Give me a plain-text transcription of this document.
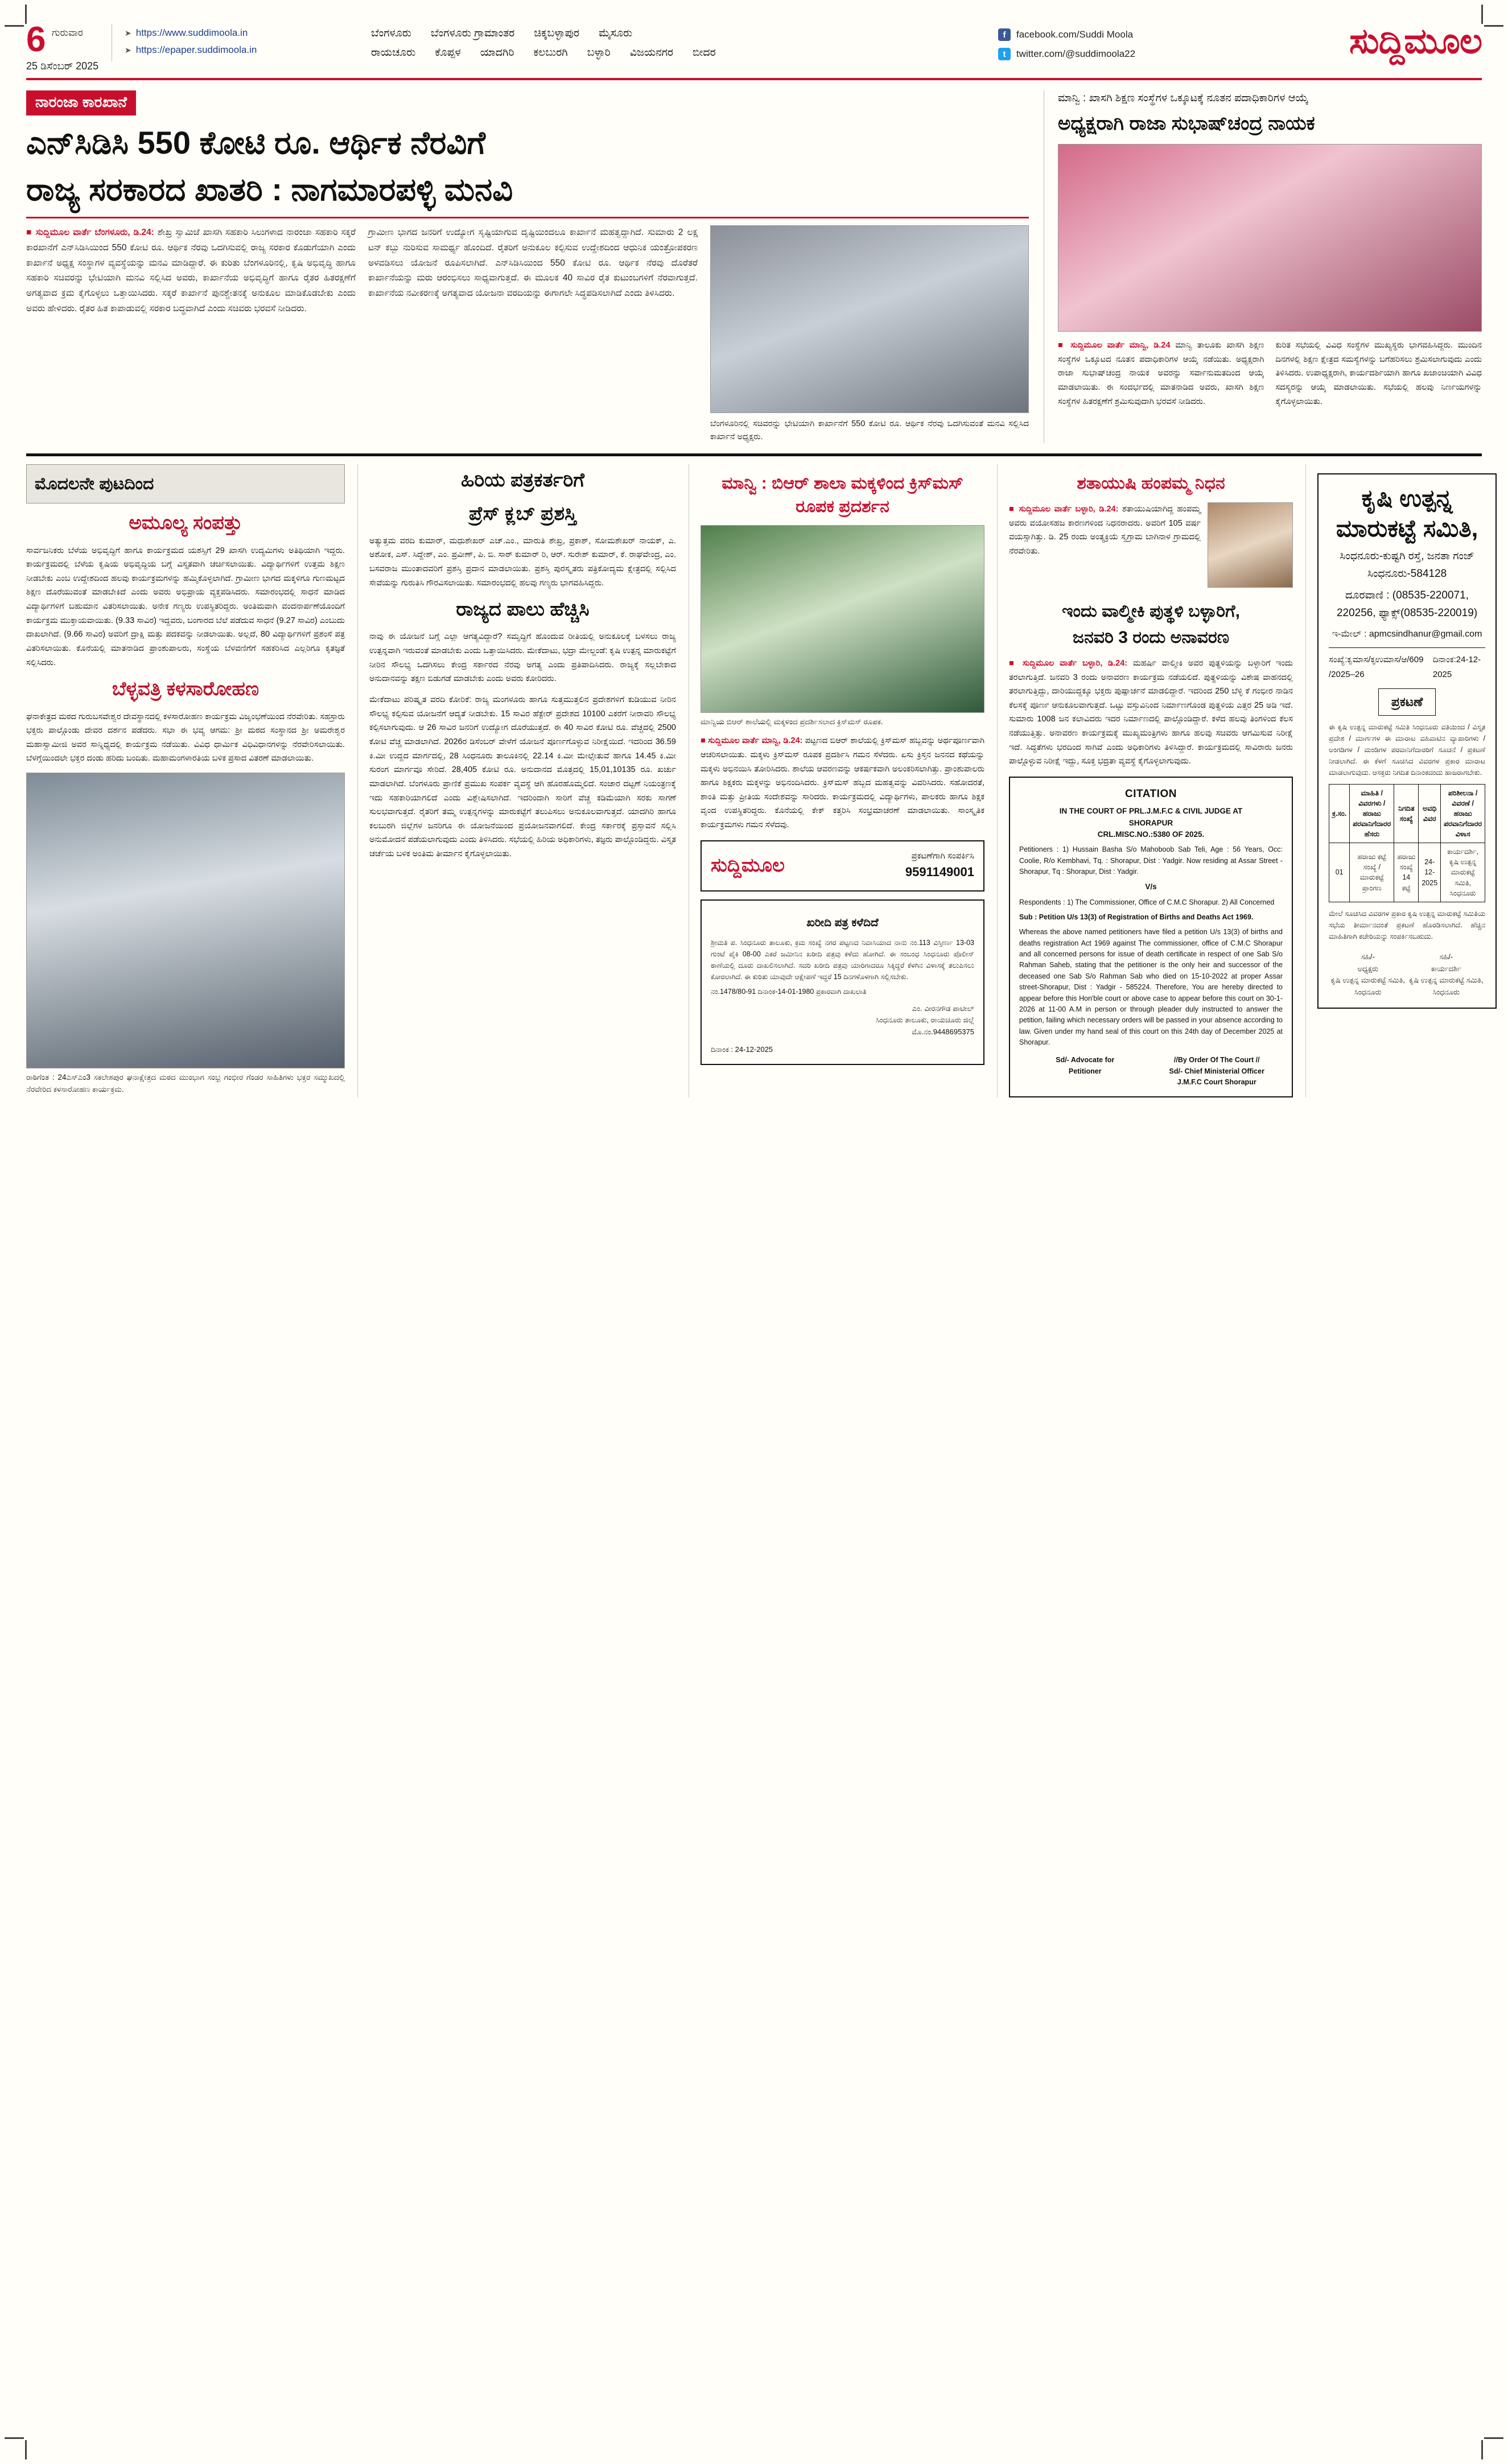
6 ಗುರುವಾರ
25 ಡಿಸೆಂಬರ್ 2025
➤ https://www.suddimoola.in
➤ https://epaper.suddimoola.in
ಬೆಂಗಳೂರು ಬೆಂಗಳೂರು ಗ್ರಾಮಾಂತರ ಚಿಕ್ಕಬಳ್ಳಾಪುರ ಮೈಸೂರು
ರಾಯಚೂರು ಕೊಪ್ಪಳ ಯಾದಗಿರಿ ಕಲಬುರಗಿ ಬಳ್ಳಾರಿ ವಿಜಯನಗರ ಬೀದರ
f	facebook.com/Suddi Moola
t	twitter.com/@suddimoola22	ಸುದ್ದಿಮೂಲ
ನಾರಂಜಾ ಕಾರಖಾನೆ
ಎನ್‌ಸಿಡಿಸಿ 550 ಕೋಟಿ ರೂ. ಆರ್ಥಿಕ ನೆರವಿಗೆ
ರಾಜ್ಯ ಸರಕಾರದ ಖಾತರಿ : ನಾಗಮಾರಪಳ್ಳಿ ಮನವಿ
■ ಸುದ್ದಿಮೂಲ ವಾರ್ತೆ ಬೆಂಗಳೂರು, ಡಿ.24: ಶೇಖ್ರ ಸ್ವಾಮಿಜೆ ಖಾಸಗಿ ಸಹಕಾರಿ ಸಿಲುಗಳಾದ ನಾರಂಜಾ ಸಹಕಾರಿ ಸಕ್ಕರೆ ಕಾರಖಾನೆಗೆ ಎನ್‌ಸಿಡಿಸಿಯಿಂದ 550 ಕೋಟಿ ರೂ. ಆರ್ಥಿಕ ನೆರವು ಒದಗಿಸುವಲ್ಲಿ ರಾಜ್ಯ ಸರಕಾರ ಕೊಡುಗೆಯಾಗಿ ಎಂದು ಕಾರ್ಖಾನೆ ಅಧ್ಯಕ್ಷ ಸಂಸ್ಥಾಗಳ ವ್ಯವಸ್ಥೆಯನ್ನು ಮನವಿ ಮಾಡಿದ್ದಾರೆ. ಈ ಕುರಿತು ಬೆಂಗಳೂರಿನಲ್ಲಿ, ಕೃಷಿ ಅಭಿವೃದ್ಧಿ ಹಾಗೂ ಸಹಕಾರಿ ಸಚಿವರನ್ನು ಭೇಟಿಯಾಗಿ ಮನವಿ ಸಲ್ಲಿಸಿದ ಅವರು, ಕಾರ್ಖಾನೆಯ ಅಭಿವೃದ್ಧಿಗೆ ಹಾಗೂ ರೈತರ ಹಿತರಕ್ಷಣೆಗೆ ಅಗತ್ಯವಾದ ಕ್ರಮ ಕೈಗೊಳ್ಳಲು ಒತ್ತಾಯಿಸಿದರು. ಸಕ್ಕರೆ ಕಾರ್ಖಾನೆ ಪುನಶ್ಚೇತನಕ್ಕೆ ಅನುಕೂಲ ಮಾಡಿಕೊಡಬೇಕು ಎಂದು ಅವರು ಹೇಳಿದರು. ರೈತರ ಹಿತ ಕಾಪಾಡುವಲ್ಲಿ ಸರಕಾರ ಬದ್ಧವಾಗಿದೆ ಎಂದು ಸಚಿವರು ಭರವಸೆ ನೀಡಿದರು.
ಗ್ರಾಮೀಣ ಭಾಗದ ಜನರಿಗೆ ಉದ್ಯೋಗ ಸೃಷ್ಟಿಯಾಗುವ ದೃಷ್ಟಿಯಿಂದಲೂ ಕಾರ್ಖಾನೆ ಮಹತ್ವದ್ದಾಗಿದೆ. ಸುಮಾರು 2 ಲಕ್ಷ ಟನ್ ಕಬ್ಬು ನುರಿಸುವ ಸಾಮರ್ಥ್ಯ ಹೊಂದಿದೆ. ರೈತರಿಗೆ ಅನುಕೂಲ ಕಲ್ಪಿಸುವ ಉದ್ದೇಶದಿಂದ ಆಧುನಿಕ ಯಂತ್ರೋಪಕರಣ ಅಳವಡಿಸಲು ಯೋಜನೆ ರೂಪಿಸಲಾಗಿದೆ. ಎನ್‌ಸಿಡಿಸಿಯಿಂದ 550 ಕೋಟಿ ರೂ. ಆರ್ಥಿಕ ನೆರವು ದೊರೆತರೆ ಕಾರ್ಖಾನೆಯನ್ನು ಮರು ಆರಂಭಿಸಲು ಸಾಧ್ಯವಾಗುತ್ತದೆ. ಈ ಮೂಲಕ 40 ಸಾವಿರ ರೈತ ಕುಟುಂಬಗಳಿಗೆ ನೆರವಾಗುತ್ತದೆ. ಕಾರ್ಖಾನೆಯ ನವೀಕರಣಕ್ಕೆ ಅಗತ್ಯವಾದ ಯೋಜನಾ ವರದಿಯನ್ನು ಈಗಾಗಲೇ ಸಿದ್ಧಪಡಿಸಲಾಗಿದೆ ಎಂದು ತಿಳಿಸಿದರು.
ಬೆಂಗಳೂರಿನಲ್ಲಿ ಸಚಿವರನ್ನು ಭೇಟಿಯಾಗಿ ಕಾರ್ಖಾನೆಗೆ 550 ಕೋಟಿ ರೂ. ಆರ್ಥಿಕ ನೆರವು ಒದಗಿಸುವಂತೆ ಮನವಿ ಸಲ್ಲಿಸಿದ ಕಾರ್ಖಾನೆ ಅಧ್ಯಕ್ಷರು.
ಮಾನ್ವಿ : ಖಾಸಗಿ ಶಿಕ್ಷಣ ಸಂಸ್ಥೆಗಳ ಒಕ್ಕೂಟಕ್ಕೆ ನೂತನ ಪದಾಧಿಕಾರಿಗಳ ಆಯ್ಕೆ
ಅಧ್ಯಕ್ಷರಾಗಿ ರಾಜಾ ಸುಭಾಷ್‌ಚಂದ್ರ ನಾಯಕ
■ ಸುದ್ದಿಮೂಲ ವಾರ್ತೆ ಮಾನ್ವಿ, ಡಿ.24 ಮಾನ್ವಿ ತಾಲೂಕು ಖಾಸಗಿ ಶಿಕ್ಷಣ ಸಂಸ್ಥೆಗಳ ಒಕ್ಕೂಟದ ನೂತನ ಪದಾಧಿಕಾರಿಗಳ ಆಯ್ಕೆ ನಡೆಯಿತು. ಅಧ್ಯಕ್ಷರಾಗಿ ರಾಜಾ ಸುಭಾಷ್‌ಚಂದ್ರ ನಾಯಕ ಅವರನ್ನು ಸರ್ವಾನುಮತದಿಂದ ಆಯ್ಕೆ ಮಾಡಲಾಯಿತು. ಈ ಸಂದರ್ಭದಲ್ಲಿ ಮಾತನಾಡಿದ ಅವರು, ಖಾಸಗಿ ಶಿಕ್ಷಣ ಸಂಸ್ಥೆಗಳ ಹಿತರಕ್ಷಣೆಗೆ ಶ್ರಮಿಸುವುದಾಗಿ ಭರವಸೆ ನೀಡಿದರು.
ಕುರಿತ ಸಭೆಯಲ್ಲಿ ವಿವಿಧ ಸಂಸ್ಥೆಗಳ ಮುಖ್ಯಸ್ಥರು ಭಾಗವಹಿಸಿದ್ದರು. ಮುಂದಿನ ದಿನಗಳಲ್ಲಿ ಶಿಕ್ಷಣ ಕ್ಷೇತ್ರದ ಸಮಸ್ಯೆಗಳನ್ನು ಬಗೆಹರಿಸಲು ಶ್ರಮಿಸಲಾಗುವುದು ಎಂದು ತಿಳಿಸಿದರು. ಉಪಾಧ್ಯಕ್ಷರಾಗಿ, ಕಾರ್ಯದರ್ಶಿಯಾಗಿ ಹಾಗೂ ಖಜಾಂಚಿಯಾಗಿ ವಿವಿಧ ಸದಸ್ಯರನ್ನು ಆಯ್ಕೆ ಮಾಡಲಾಯಿತು. ಸಭೆಯಲ್ಲಿ ಹಲವು ನಿರ್ಣಯಗಳನ್ನು ಕೈಗೊಳ್ಳಲಾಯಿತು.
ಮೊದಲನೇ ಪುಟದಿಂದ
ಅಮೂಲ್ಯ ಸಂಪತ್ತು
ಸಾರ್ವಜನಿಕರು ಬೆಳೆಯ ಅಭಿವೃದ್ಧಿಗೆ ಹಾಗೂ ಕಾರ್ಯಕ್ರಮದ ಯಶಸ್ಸಿಗೆ 29 ಖಾಸಗಿ ಉದ್ಯಮಿಗಳು ಅತಿಥಿಯಾಗಿ ಇದ್ದರು. ಕಾರ್ಯಕ್ರಮದಲ್ಲಿ ಬೆಳೆಯ ಕೃಷಿಯ ಅಭಿವೃದ್ಧಿಯ ಬಗ್ಗೆ ವಿಸ್ತೃತವಾಗಿ ಚರ್ಚಿಸಲಾಯಿತು. ವಿದ್ಯಾರ್ಥಿಗಳಿಗೆ ಉತ್ತಮ ಶಿಕ್ಷಣ ನೀಡಬೇಕು ಎಂಬ ಉದ್ದೇಶದಿಂದ ಹಲವು ಕಾರ್ಯಕ್ರಮಗಳನ್ನು ಹಮ್ಮಿಕೊಳ್ಳಲಾಗಿದೆ. ಗ್ರಾಮೀಣ ಭಾಗದ ಮಕ್ಕಳಿಗೂ ಗುಣಮಟ್ಟದ ಶಿಕ್ಷಣ ದೊರೆಯುವಂತೆ ಮಾಡಬೇಕಿದೆ ಎಂದು ಅವರು ಅಭಿಪ್ರಾಯ ವ್ಯಕ್ತಪಡಿಸಿದರು. ಸಮಾರಂಭದಲ್ಲಿ ಸಾಧನೆ ಮಾಡಿದ ವಿದ್ಯಾರ್ಥಿಗಳಿಗೆ ಬಹುಮಾನ ವಿತರಿಸಲಾಯಿತು. ಅನೇಕ ಗಣ್ಯರು ಉಪಸ್ಥಿತರಿದ್ದರು. ಅಂತಿಮವಾಗಿ ವಂದನಾರ್ಪಣೆಯೊಂದಿಗೆ ಕಾರ್ಯಕ್ರಮ ಮುಕ್ತಾಯವಾಯಿತು. (9.33 ಸಾವಿರ) ಇದ್ದವರು, ಬಂಗಾರದ ಬೆಲೆ ಪಡೆದುವ ಸಾಧನೆ (9.27 ಸಾವಿರ) ಎಂಬುದು ದಾಖಲಾಗಿದೆ. (9.66 ಸಾವಿರ) ಅವರಿಗೆ ದ್ರಾಕ್ಷಿ ಮತ್ತು ಪದಕವನ್ನು ನೀಡಲಾಯಿತು. ಅಲ್ಲದೆ, 80 ವಿದ್ಯಾರ್ಥಿಗಳಿಗೆ ಪ್ರಶಂಸೆ ಪತ್ರ ವಿತರಿಸಲಾಯಿತು. ಕೊನೆಯಲ್ಲಿ ಮಾತನಾಡಿದ ಪ್ರಾಂಶುಪಾಲರು, ಸಂಸ್ಥೆಯ ಬೆಳವಣಿಗೆಗೆ ಸಹಕರಿಸಿದ ಎಲ್ಲರಿಗೂ ಕೃತಜ್ಞತೆ ಸಲ್ಲಿಸಿದರು.
ಬೆಳ್ಳವತ್ರಿ ಕಳಸಾರೋಹಣ
ಘನಾಕೇತ್ರದ ಮಠದ ಗುರುಬಸವೇಶ್ವರ ದೇವಸ್ಥಾನದಲ್ಲಿ ಕಳಸಾರೋಹಣ ಕಾರ್ಯಕ್ರಮ ವಿಜೃಂಭಣೆಯಿಂದ ನೆರವೇರಿತು. ಸಹಸ್ರಾರು ಭಕ್ತರು ಪಾಲ್ಗೊಂಡು ದೇವರ ದರ್ಶನ ಪಡೆದರು. ಸಭಾ ಈ ಭವ್ಯ ಆಗಮ: ಶ್ರೀ ಮಠದ ಸಂಸ್ಥಾನದ ಶ್ರೀ ಅಮರೇಶ್ವರ ಮಹಾಸ್ವಾಮೀಜಿ ಅವರ ಸಾನ್ನಿಧ್ಯದಲ್ಲಿ ಕಾರ್ಯಕ್ರಮ ನಡೆಯಿತು. ವಿವಿಧ ಧಾರ್ಮಿಕ ವಿಧಿವಿಧಾನಗಳನ್ನು ನೆರವೇರಿಸಲಾಯಿತು. ಬೆಳಗ್ಗೆಯಿಂದಲೇ ಭಕ್ತರ ದಂಡು ಹರಿದು ಬಂದಿತು. ಮಹಾಮಂಗಳಾರತಿಯ ಬಳಿಕ ಪ್ರಸಾದ ವಿತರಣೆ ಮಾಡಲಾಯಿತು.
ರಾಠಿಗೆಂತ : 24ಎಸ್‌ಎಂ3 ಸಕಲೇಶಪುರ ಘನಾಕ್ಷೇತ್ರದ ಮಠದ ಮುಂಭಾಗ ಸಂಭ್ರ ಗಂಭೀರ ಗೆಂಡರ ಸಾಹಿತಿಗಳು ಭಕ್ತರ ಸಮ್ಮುಖದಲ್ಲಿ ನೆರವೇರಿದ ಕಳಸಾರೋಹಣ ಕಾರ್ಯಕ್ರಮ.
ಹಿರಿಯ ಪತ್ರಕರ್ತರಿಗೆ
ಪ್ರೆಸ್‌ ಕ್ಲಬ್‌ ಪ್ರಶಸ್ತಿ
ಅತ್ಯುತ್ತಮ ವರದಿ ಕುಮಾರ್, ಮಧುಶೇಖರ್ ಎಚ್.ಎಂ., ಮಾರುತಿ ಶೇಖ್ರ, ಪ್ರಕಾಶ್, ಸೋಮಶೇಖರ್ ನಾಯಕ್, ಎ. ಅಶೋಕ, ಎಸ್. ಸಿದ್ದೇಶ್, ಎಂ. ಪ್ರವೀಣ್, ಪಿ. ಬಿ. ಸಾಠ್ ಕುಮಾರ್ ರಿ, ಆರ್. ಸುರೇಶ್ ಕುಮಾರ್, ಕೆ. ರಾಘವೇಂದ್ರ, ಎಂ. ಬಸವರಾಜ ಮುಂತಾದವರಿಗೆ ಪ್ರಶಸ್ತಿ ಪ್ರದಾನ ಮಾಡಲಾಯಿತು. ಪ್ರಶಸ್ತಿ ಪುರಸ್ಕೃತರು ಪತ್ರಿಕೋದ್ಯಮ ಕ್ಷೇತ್ರದಲ್ಲಿ ಸಲ್ಲಿಸಿದ ಸೇವೆಯನ್ನು ಗುರುತಿಸಿ ಗೌರವಿಸಲಾಯಿತು. ಸಮಾರಂಭದಲ್ಲಿ ಹಲವು ಗಣ್ಯರು ಭಾಗವಹಿಸಿದ್ದರು.
ರಾಜ್ಯದ ಪಾಲು ಹೆಚ್ಚಿಸಿ
ನಾವು ಈ ಯೋಜನೆ ಬಗ್ಗೆ ಎಲ್ಲಾ ಆಗತ್ಯವಿದ್ದಾರೆ? ಸಮೃದ್ಧಿಗೆ ಹೊಂದುವ ರೀತಿಯಲ್ಲಿ ಅನುಕೂಲಕ್ಕೆ ಬಳಸಲು ರಾಜ್ಯ ಉತ್ಪನ್ನವಾಗಿ ಇರುವಂತೆ ಮಾಡಬೇಕು ಎಂದು ಒತ್ತಾಯಿಸಿದರು. ಮೇಕೆದಾಟು, ಭದ್ರಾ ಮೇಲ್ದಂಡೆ: ಕೃಷಿ ಉತ್ಪನ್ನ ಮಾರುಕಟ್ಟೆಗೆ ನೀರಿನ ಸೌಲಭ್ಯ ಒದಗಿಸಲು ಕೇಂದ್ರ ಸರ್ಕಾರದ ನೆರವು ಅಗತ್ಯ ಎಂದು ಪ್ರತಿಪಾದಿಸಿದರು. ರಾಜ್ಯಕ್ಕೆ ಸಲ್ಲಬೇಕಾದ ಅನುದಾನವನ್ನು ತಕ್ಷಣ ಬಿಡುಗಡೆ ಮಾಡಬೇಕು ಎಂದು ಅವರು ಕೋರಿದರು.
ಮೇಕೆದಾಟು ಪರಿಷ್ಕೃತ ವರದಿ ಕೋರಿಕೆ: ರಾಜ್ಯ ಮಂಗಳೂರು ಹಾಗೂ ಸುತ್ತಮುತ್ತಲಿನ ಪ್ರದೇಶಗಳಿಗೆ ಕುಡಿಯುವ ನೀರಿನ ಸೌಲಭ್ಯ ಕಲ್ಪಿಸುವ ಯೋಜನೆಗೆ ಆದ್ಯತೆ ನೀಡಬೇಕು. 15 ಸಾವಿರ ಹೆಕ್ಟೇರ್ ಪ್ರದೇಶದ 10100 ಎಕರೆಗೆ ನೀರಾವರಿ ಸೌಲಭ್ಯ ಕಲ್ಪಿಸಲಾಗುವುದು. ಆ 26 ಸಾವಿರ ಜನರಿಗೆ ಉದ್ಯೋಗ ದೊರೆಯುತ್ತದೆ. ಈ 40 ಸಾವಿರ ಕೋಟಿ ರೂ. ವೆಚ್ಚದಲ್ಲಿ 2500 ಕೋಟಿ ವೆಚ್ಚ ಮಾಡಲಾಗಿದೆ. 2026ರ ಡಿಸೆಂಬರ್ ವೇಳೆಗೆ ಯೋಜನೆ ಪೂರ್ಣಗೊಳ್ಳುವ ನಿರೀಕ್ಷೆಯಿದೆ. ಇದರಿಂದ 36.59 ಕಿ.ಮೀ ಉದ್ದದ ಮಾರ್ಗದಲ್ಲಿ, 28 ಸಿಂಧನೂರು ತಾಲೂಕಿನಲ್ಲಿ 22.14 ಕಿ.ಮೀ ಮೇಲ್ಸೇತುವೆ ಹಾಗೂ 14.45 ಕಿ.ಮೀ ಸುರಂಗ ಮಾರ್ಗವೂ ಸೇರಿದೆ. 28,405 ಕೋಟಿ ರೂ. ಅನುದಾನದ ಮೊತ್ತದಲ್ಲಿ 15,01,10135 ರೂ. ಖರ್ಚು ಮಾಡಲಾಗಿದೆ. ಬೆಂಗಳೂರು ಪ್ರಾಣಿಕೆ ಪ್ರಮುಖ ಸಂಪರ್ಕ ವ್ಯವಸ್ಥೆ ಆಗಿ ಹೊರಹೊಮ್ಮಲಿದೆ. ಸಂಚಾರ ದಟ್ಟಣೆ ನಿಯಂತ್ರಣಕ್ಕೆ ಇದು ಸಹಕಾರಿಯಾಗಲಿದೆ ಎಂದು ವಿಶ್ಲೇಷಿಸಲಾಗಿದೆ. ಇದರಿಂದಾಗಿ ಸಾರಿಗೆ ವೆಚ್ಚ ಕಡಿಮೆಯಾಗಿ ಸರಕು ಸಾಗಣೆ ಸುಲಭವಾಗುತ್ತದೆ. ರೈತರಿಗೆ ತಮ್ಮ ಉತ್ಪನ್ನಗಳನ್ನು ಮಾರುಕಟ್ಟೆಗೆ ತಲುಪಿಸಲು ಅನುಕೂಲವಾಗುತ್ತದೆ. ಯಾದಗಿರಿ ಹಾಗೂ ಕಲಬುರಗಿ ಜಿಲ್ಲೆಗಳ ಜನರಿಗೂ ಈ ಯೋಜನೆಯಿಂದ ಪ್ರಯೋಜನವಾಗಲಿದೆ. ಕೇಂದ್ರ ಸರ್ಕಾರಕ್ಕೆ ಪ್ರಸ್ತಾವನೆ ಸಲ್ಲಿಸಿ ಅನುಮೋದನೆ ಪಡೆಯಲಾಗುವುದು ಎಂದು ತಿಳಿಸಿದರು. ಸಭೆಯಲ್ಲಿ ಹಿರಿಯ ಅಧಿಕಾರಿಗಳು, ತಜ್ಞರು ಪಾಲ್ಗೊಂಡಿದ್ದರು. ವಿಸ್ತೃತ ಚರ್ಚೆಯ ಬಳಿಕ ಅಂತಿಮ ತೀರ್ಮಾನ ಕೈಗೊಳ್ಳಲಾಯಿತು.
ಮಾನ್ವಿ : ಬಿಆರ್‌ ಶಾಲಾ ಮಕ್ಕಳಿಂದ ಕ್ರಿಸ್‌ಮಸ್‌ ರೂಪಕ ಪ್ರದರ್ಶನ
ಮಾನ್ವಿಯ ಬಿಆರ್‌ ಶಾಲೆಯಲ್ಲಿ ಮಕ್ಕಳಿಂದ ಪ್ರದರ್ಶಿಸಲಾದ ಕ್ರಿಸ್‌ಮಸ್‌ ರೂಪಕ.
■ ಸುದ್ದಿಮೂಲ ವಾರ್ತೆ ಮಾನ್ವಿ, ಡಿ.24: ಪಟ್ಟಣದ ಬಿಆರ್ ಶಾಲೆಯಲ್ಲಿ ಕ್ರಿಸ್‌ಮಸ್‌ ಹಬ್ಬವನ್ನು ಅರ್ಥಪೂರ್ಣವಾಗಿ ಆಚರಿಸಲಾಯಿತು. ಮಕ್ಕಳು ಕ್ರಿಸ್‌ಮಸ್‌ ರೂಪಕ ಪ್ರದರ್ಶಿಸಿ ಗಮನ ಸೆಳೆದರು. ಏಸು ಕ್ರಿಸ್ತನ ಜನನದ ಕಥೆಯನ್ನು ಮಕ್ಕಳು ಅಭಿನಯಿಸಿ ತೋರಿಸಿದರು. ಶಾಲೆಯ ಆವರಣವನ್ನು ಆಕರ್ಷಕವಾಗಿ ಅಲಂಕರಿಸಲಾಗಿತ್ತು. ಪ್ರಾಂಶುಪಾಲರು ಹಾಗೂ ಶಿಕ್ಷಕರು ಮಕ್ಕಳನ್ನು ಅಭಿನಂದಿಸಿದರು. ಕ್ರಿಸ್‌ಮಸ್‌ ಹಬ್ಬದ ಮಹತ್ವವನ್ನು ವಿವರಿಸಿದರು. ಸಹೋದರತೆ, ಶಾಂತಿ ಮತ್ತು ಪ್ರೀತಿಯ ಸಂದೇಶವನ್ನು ಸಾರಿದರು. ಕಾರ್ಯಕ್ರಮದಲ್ಲಿ ವಿದ್ಯಾರ್ಥಿಗಳು, ಪಾಲಕರು ಹಾಗೂ ಶಿಕ್ಷಕ ವೃಂದ ಉಪಸ್ಥಿತರಿದ್ದರು. ಕೊನೆಯಲ್ಲಿ ಕೇಕ್ ಕತ್ತರಿಸಿ ಸಂಭ್ರಮಾಚರಣೆ ಮಾಡಲಾಯಿತು. ಸಾಂಸ್ಕೃತಿಕ ಕಾರ್ಯಕ್ರಮಗಳು ಗಮನ ಸೆಳೆದವು.
ಸುದ್ದಿಮೂಲ	ಪ್ರಕಟಣೆಗಾಗಿ ಸಂಪರ್ಕಿಸಿ
9591149001
ಖರೀದಿ ಪತ್ರ ಕಳೆದಿದೆ
ಶ್ರೀಮತಿ ಪ. ಸಿಂಧನೂರು ತಾಲೂಕು, ಕ್ರಮ ಸಂಖ್ಯೆ ನಗರ ಪಟ್ಟಣದ ನಿವಾಸಿಯಾದ ನಾನು ನಂ.113 ವಿಸ್ತೀರ್ಣ 13-03 ಗುಂಟೆ ಪೈಕಿ 08-00 ಎಕರೆ ಜಮೀನಿನ ಖರೀದಿ ಪತ್ರವು ಕಳೆದು ಹೋಗಿದೆ. ಈ ಸಂಬಂಧ ಸಿಂಧನೂರು ಪೊಲೀಸ್ ಠಾಣೆಯಲ್ಲಿ ದೂರು ದಾಖಲಿಸಲಾಗಿದೆ. ಸದರಿ ಖರೀದಿ ಪತ್ರವು ಯಾರಿಗಾದರೂ ಸಿಕ್ಕಿದ್ದರೆ ಕೆಳಗಿನ ವಿಳಾಸಕ್ಕೆ ತಲುಪಿಸಲು ಕೋರಲಾಗಿದೆ. ಈ ಕುರಿತು ಯಾವುದೇ ಆಕ್ಷೇಪಣೆ ಇದ್ದರೆ 15 ದಿನಗಳೊಳಗಾಗಿ ಸಲ್ಲಿಸಬೇಕು.
ನಂ.1478/80-91 ದಿನಾಂಕ-14-01-1980 ಪ್ರಕಾರವಾಗಿ ದಾಖಲಾತಿ
ಎಂ. ವೀರನಗೌಡ ಪಾಟೀಲ್
ಸಿಂಧನೂರು ತಾಲೂಕು, ರಾಯಚೂರು ಜಿಲ್ಲೆ
ಮೊ.ನಂ.9448695375
ದಿನಾಂಕ : 24-12-2025
ಶತಾಯುಷಿ ಹಂಪಮ್ಮ ನಿಧನ
■ ಸುದ್ದಿಮೂಲ ವಾರ್ತೆ ಬಳ್ಳಾರಿ, ಡಿ.24: ಶತಾಯುಷಿಯಾಗಿದ್ದ ಹಂಪಮ್ಮ ಅವರು ವಯೋಸಹಜ ಕಾರಣಗಳಿಂದ ನಿಧನರಾದರು. ಅವರಿಗೆ 105 ವರ್ಷ ವಯಸ್ಸಾಗಿತ್ತು. ಡಿ. 25 ರಂದು ಅಂತ್ಯಕ್ರಿಯೆ ಸ್ವಗ್ರಾಮ ಬಾಗಿನಾಳ ಗ್ರಾಮದಲ್ಲಿ ನೆರವೇರಿತು.
ಇಂದು ವಾಲ್ಮೀಕಿ ಪುತ್ಥಳಿ ಬಳ್ಳಾರಿಗೆ,
ಜನವರಿ 3 ರಂದು ಅನಾವರಣ
■ ಸುದ್ದಿಮೂಲ ವಾರ್ತೆ ಬಳ್ಳಾರಿ, ಡಿ.24: ಮಹರ್ಷಿ ವಾಲ್ಮೀಕಿ ಅವರ ಪುತ್ಥಳಿಯನ್ನು ಬಳ್ಳಾರಿಗೆ ಇಂದು ತರಲಾಗುತ್ತಿದೆ. ಜನವರಿ 3 ರಂದು ಅನಾವರಣ ಕಾರ್ಯಕ್ರಮ ನಡೆಯಲಿದೆ. ಪುತ್ಥಳಿಯನ್ನು ವಿಶೇಷ ವಾಹನದಲ್ಲಿ ತರಲಾಗುತ್ತಿದ್ದು, ದಾರಿಯುದ್ದಕ್ಕೂ ಭಕ್ತರು ಪುಷ್ಪಾರ್ಚನೆ ಮಾಡಲಿದ್ದಾರೆ. ಇದರಿಂದ 250 ಬೆಳ್ಳಿ ಕೆ ಗಂಭೀರ ನಾಡಿನ ಕೆಲಸಕ್ಕೆ ಪೂರ್ಣ ಆನುಕೂಲವಾಗುತ್ತದೆ. ಒಟ್ಟು ವಸ್ತುವಿನಿಂದ ನಿರ್ಮಾಣಗೊಂಡ ಪುತ್ಥಳಿಯ ಎತ್ತರ 25 ಅಡಿ ಇದೆ. ಸುಮಾರು 1008 ಜನ ಕಲಾವಿದರು ಇದರ ನಿರ್ಮಾಣದಲ್ಲಿ ಪಾಲ್ಗೊಂಡಿದ್ದಾರೆ. ಕಳೆದ ಹಲವು ತಿಂಗಳಿಂದ ಕೆಲಸ ನಡೆಯುತ್ತಿತ್ತು. ಅನಾವರಣ ಕಾರ್ಯಕ್ರಮಕ್ಕೆ ಮುಖ್ಯಮಂತ್ರಿಗಳು ಹಾಗೂ ಹಲವು ಸಚಿವರು ಆಗಮಿಸುವ ನಿರೀಕ್ಷೆ ಇದೆ. ಸಿದ್ಧತೆಗಳು ಭರದಿಂದ ಸಾಗಿವೆ ಎಂದು ಅಧಿಕಾರಿಗಳು ತಿಳಿಸಿದ್ದಾರೆ. ಕಾರ್ಯಕ್ರಮದಲ್ಲಿ ಸಾವಿರಾರು ಜನರು ಪಾಲ್ಗೊಳ್ಳುವ ನಿರೀಕ್ಷೆ ಇದ್ದು, ಸೂಕ್ತ ಭದ್ರತಾ ವ್ಯವಸ್ಥೆ ಕೈಗೊಳ್ಳಲಾಗುವುದು.
CITATION
IN THE COURT OF PRL.J.M.F.C & CIVIL JUDGE AT
SHORAPUR
CRL.MISC.NO.:5380 OF 2025.

Petitioners : 1) Hussain Basha S/o Mahoboob Sab Teli, Age : 56 Years, Occ: Coolie, R/o Kembhavi, Tq. : Shorapur, Dist : Yadgir. Now residing at Assar Street -Shorapur, Tq : Shorapur, Dist : Yadgir.

V/s

Respondents : 1) The Commissioner, Office of C.M.C Shorapur. 2) All Concerned

Sub : Petition U/s 13(3) of Registration of Births and Deaths Act 1969.

Whereas the above named petitioners have filed a petition U/s 13(3) of births and deaths registration Act 1969 against The commissioner, office of C.M.C Shorapur and all concerned persons for issue of death certificate in respect of one Sab S/o Rahman Saheb, stating that the petitioner is the only heir and successor of the deceased one Sab S/o Rahman Sab who died on 15-10-2022 at proper Assar street-Shorapur, Dist : Yadgir - 585224. Therefore, You are hereby directed to appear before this Hon'ble court or above case to appear before this court on 30-1-2026 at 11-00 A.M in person or through pleader duly instructed to answer the petition, failing which necessary orders will be passed in your absence according to law. Given under my hand seal of this court on this 24th day of December 2025 at Shorapur.

Sd/- Advocate for
Petitioner
//By Order Of The Court //
Sd/- Chief Ministerial Officer
J.M.F.C Court Shorapur
ಕೃಷಿ ಉತ್ಪನ್ನ ಮಾರುಕಟ್ಟೆ ಸಮಿತಿ,
ಸಿಂಧನೂರು-ಕುಷ್ಟಗಿ ರಸ್ತೆ, ಜನತಾ ಗಂಜ್‌ ಸಿಂಧನೂರು-584128
ದೂರವಾಣಿ : (08535-220071, 220256, ಫ್ಯಾಕ್ಸ್‌(08535-220019)
ಇ-ಮೇಲ್‌ : apmcsindhanur@gmail.com
ಸಂಖ್ಯೆ:ಕೃಮಾಸ/ಕೃಉಮಾಸ/ಆ/609 /2025–26
ದಿನಾಂಕ:24-12-2025
ಪ್ರಕಟಣೆ
ಈ ಕೃಷಿ ಉತ್ಪನ್ನ ಮಾರುಕಟ್ಟೆ ಸಮಿತಿ ಸಿಂಧನೂರು ವತಿಯಿಂದ / ವಿಸ್ತೃತ ಪ್ರದೇಶ / ಮಾರ್ಗಗಳ ಈ ಮಾರಾಟ ವಹಿವಾಟಿನ ವ್ಯಾಪಾರಿಗಳು / ಅಂಗಡಿಗಳ / ಮಂಡಿಗಳ ಪರವಾನಿಗೆದಾರರಿಗೆ ಸೂಚನೆ / ಪ್ರಕಟಣೆ ನೀಡಲಾಗಿದೆ. ಈ ಕೆಳಗೆ ಸೂಚಿಸಿದ ವಿವರಗಳ ಪ್ರಕಾರ ಮಾರಾಟ ಮಾಡಲಾಗುವುದು. ಆಸಕ್ತರು ನಿಗದಿತ ದಿನಾಂಕದಂದು ಹಾಜರಾಗಬೇಕು.
ಕ್ರ.ಸಂ.	ಮಾಹಿತಿ / ವಿವರಗಳು / ಹರಾಜು ಪರವಾನಿಗೆದಾರರ ಹೆಸರು	ನಿಗದಿತ ಸಂಖ್ಯೆ	ಅವಧಿ ವಿವರ	ಪರಿಶೀಲನಾ / ವಿವರಣೆ / ಹರಾಜು ಪರವಾನಿಗೆದಾರರ ವಿಳಾಸ
01	ಹರಾಜು ಕಟ್ಟೆ ಸಂಖ್ಯೆ / ಮಾರುಕಟ್ಟೆ ಪ್ರಾಂಗಣ	ಹರಾಜು ಸಂಖ್ಯೆ 14 ಕಟ್ಟೆ	24-12-2025	ಕಾರ್ಯದರ್ಶಿ, ಕೃಷಿ ಉತ್ಪನ್ನ ಮಾರುಕಟ್ಟೆ ಸಮಿತಿ, ಸಿಂಧನೂರು
ಮೇಲೆ ಸೂಚಿಸಿದ ವಿವರಗಳ ಪ್ರಕಾರ ಕೃಷಿ ಉತ್ಪನ್ನ ಮಾರುಕಟ್ಟೆ ಸಮಿತಿಯ ಸಭೆಯ ತೀರ್ಮಾನದಂತೆ ಪ್ರಕಟಣೆ ಹೊರಡಿಸಲಾಗಿದೆ. ಹೆಚ್ಚಿನ ಮಾಹಿತಿಗಾಗಿ ಕಚೇರಿಯನ್ನು ಸಂಪರ್ಕಿಸಬಹುದು.
ಸಹಿ/-
ಅಧ್ಯಕ್ಷರು
ಕೃಷಿ ಉತ್ಪನ್ನ ಮಾರುಕಟ್ಟೆ ಸಮಿತಿ, ಸಿಂಧನೂರು
ಸಹಿ/-
ಕಾರ್ಯದರ್ಶಿ
ಕೃಷಿ ಉತ್ಪನ್ನ ಮಾರುಕಟ್ಟೆ ಸಮಿತಿ, ಸಿಂಧನೂರು
